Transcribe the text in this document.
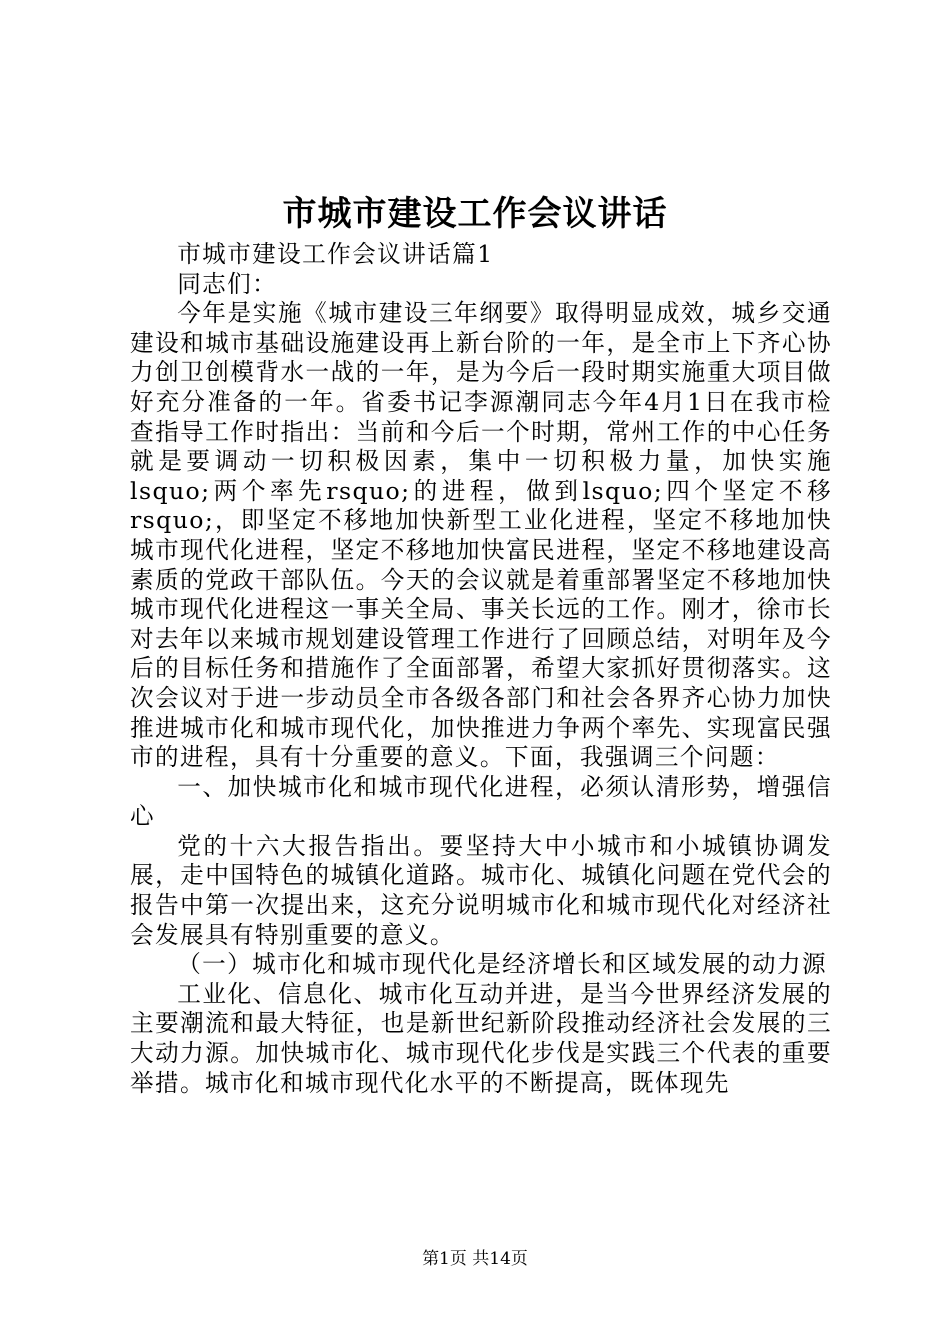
市城市建设工作会议讲话

市城市建设工作会议讲话篇1

同志们：

今年是实施《城市建设三年纲要》取得明显成效，城乡交通建设和城市基础设施建设再上新台阶的一年，是全市上下齐心协力创卫创模背水一战的一年，是为今后一段时期实施重大项目做好充分准备的一年。省委书记李源潮同志今年4月1日在我市检查指导工作时指出：当前和今后一个时期，常州工作的中心任务就是要调动一切积极因素，集中一切积极力量，加快实施lsquo;两个率先rsquo;的进程，做到lsquo;四个坚定不移rsquo;，即坚定不移地加快新型工业化进程，坚定不移地加快城市现代化进程，坚定不移地加快富民进程，坚定不移地建设高素质的党政干部队伍。今天的会议就是着重部署坚定不移地加快城市现代化进程这一事关全局、事关长远的工作。刚才，徐市长对去年以来城市规划建设管理工作进行了回顾总结，对明年及今后的目标任务和措施作了全面部署，希望大家抓好贯彻落实。这次会议对于进一步动员全市各级各部门和社会各界齐心协力加快推进城市化和城市现代化，加快推进力争两个率先、实现富民强市的进程，具有十分重要的意义。下面，我强调三个问题：

一、加快城市化和城市现代化进程，必须认清形势，增强信心

党的十六大报告指出。要坚持大中小城市和小城镇协调发展，走中国特色的城镇化道路。城市化、城镇化问题在党代会的报告中第一次提出来，这充分说明城市化和城市现代化对经济社会发展具有特别重要的意义。

（一）城市化和城市现代化是经济增长和区域发展的动力源

工业化、信息化、城市化互动并进，是当今世界经济发展的主要潮流和最大特征，也是新世纪新阶段推动经济社会发展的三大动力源。加快城市化、城市现代化步伐是实践三个代表的重要举措。城市化和城市现代化水平的不断提高，既体现先

第1页 共14页
